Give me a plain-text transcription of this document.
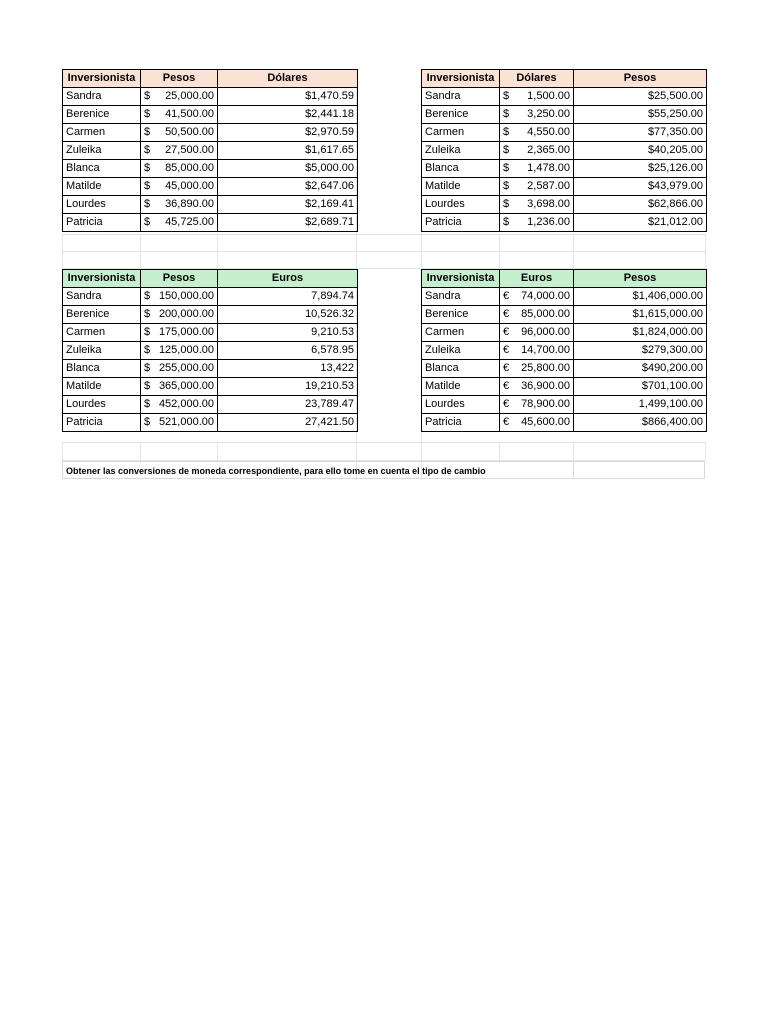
Inversionista	Pesos	Dólares
Sandra	$ 25,000.00	$1,470.59
Berenice	$ 41,500.00	$2,441.18
Carmen	$ 50,500.00	$2,970.59
Zuleika	$ 27,500.00	$1,617.65
Blanca	$ 85,000.00	$5,000.00
Matilde	$ 45,000.00	$2,647.06
Lourdes	$ 36,890.00	$2,169.41
Patricia	$ 45,725.00	$2,689.71
Inversionista	Dólares	Pesos
Sandra	$ 1,500.00	$25,500.00
Berenice	$ 3,250.00	$55,250.00
Carmen	$ 4,550.00	$77,350.00
Zuleika	$ 2,365.00	$40,205.00
Blanca	$ 1,478.00	$25,126.00
Matilde	$ 2,587.00	$43,979.00
Lourdes	$ 3,698.00	$62,866.00
Patricia	$ 1,236.00	$21,012.00
Inversionista	Pesos	Euros
Sandra	$ 150,000.00	7,894.74
Berenice	$ 200,000.00	10,526.32
Carmen	$ 175,000.00	9,210.53
Zuleika	$ 125,000.00	6,578.95
Blanca	$ 255,000.00	13,422
Matilde	$ 365,000.00	19,210.53
Lourdes	$ 452,000.00	23,789.47
Patricia	$ 521,000.00	27,421.50
Inversionista	Euros	Pesos
Sandra	€ 74,000.00	$1,406,000.00
Berenice	€ 85,000.00	$1,615,000.00
Carmen	€ 96,000.00	$1,824,000.00
Zuleika	€ 14,700.00	$279,300.00
Blanca	€ 25,800.00	$490,200.00
Matilde	€ 36,900.00	$701,100.00
Lourdes	€ 78,900.00	1,499,100.00
Patricia	€ 45,600.00	$866,400.00
Obtener las conversiones de moneda correspondiente, para ello tome en cuenta el tipo de cambio
